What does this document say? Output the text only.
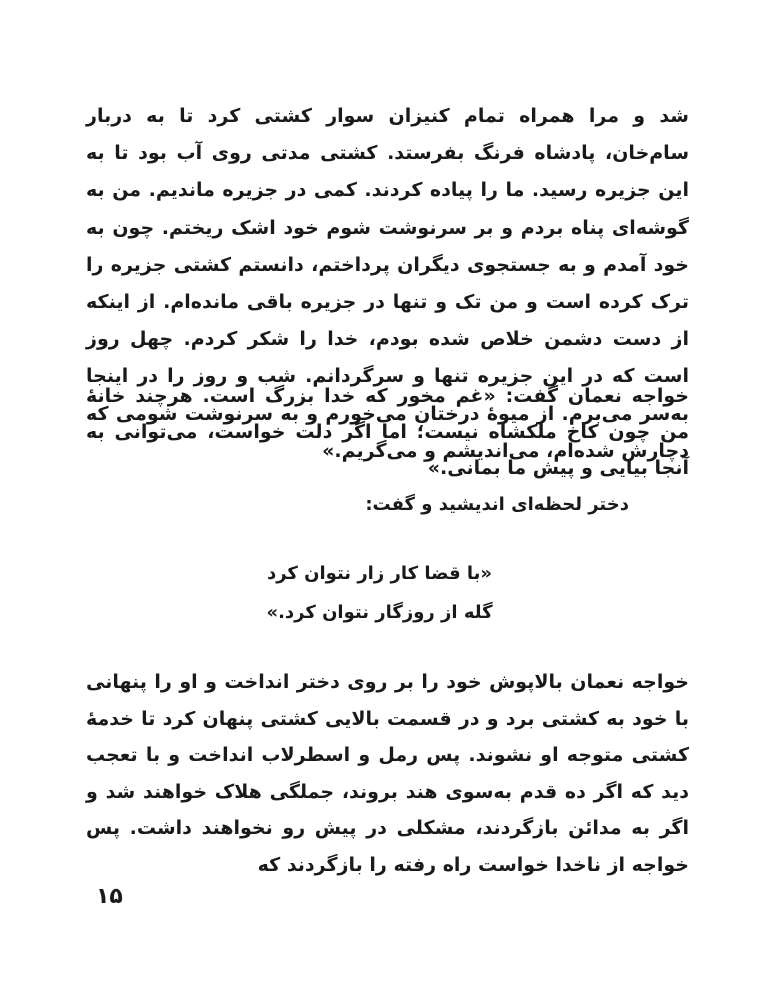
شد و مرا همراه تمام کنیزان سوار کشتی کرد تا به دربار سام‌خان، پادشاه فرنگ بفرستد. کشتی مدتی روی آب بود تا به این جزیره رسید. ما را پیاده کردند. کمی در جزیره ماندیم. من به گوشه‌ای پناه بردم و بر سرنوشت شوم خود اشک ریختم. چون به خود آمدم و به جستجوی دیگران پرداختم، دانستم کشتی جزیره را ترک کرده است و من تک و تنها در جزیره باقی مانده‌ام. از اینکه از دست دشمن خلاص شده بودم، خدا را شکر کردم. چهل روز است که در این جزیره تنها و سرگردانم. شب و روز را در اینجا به‌سر می‌برم. از میوهٔ درختان می‌خورم و به سرنوشت شومی که دچارش شده‌ام، می‌اندیشم و می‌گریم.»

خواجه نعمان گفت: «غم مخور که خدا بزرگ است. هرچند خانهٔ من چون کاخ ملکشاه نیست؛ اما اگر دلت خواست، می‌توانی به آنجا بیایی و پیش ما بمانی.»

دختر لحظه‌ای اندیشید و گفت:

«با قضا کار زار نتوان کرد

گله از روزگار نتوان کرد.»

خواجه نعمان بالاپوش خود را بر روی دختر انداخت و او را پنهانی با خود به کشتی برد و در قسمت بالایی کشتی پنهان کرد تا خدمهٔ کشتی متوجه او نشوند. پس رمل و اسطرلاب انداخت و با تعجب دید که اگر ده قدم به‌سوی هند بروند، جملگی هلاک خواهند شد و اگر به مدائن بازگردند، مشکلی در پیش رو نخواهند داشت. پس خواجه از ناخدا خواست راه رفته را بازگردند که

۱۵
